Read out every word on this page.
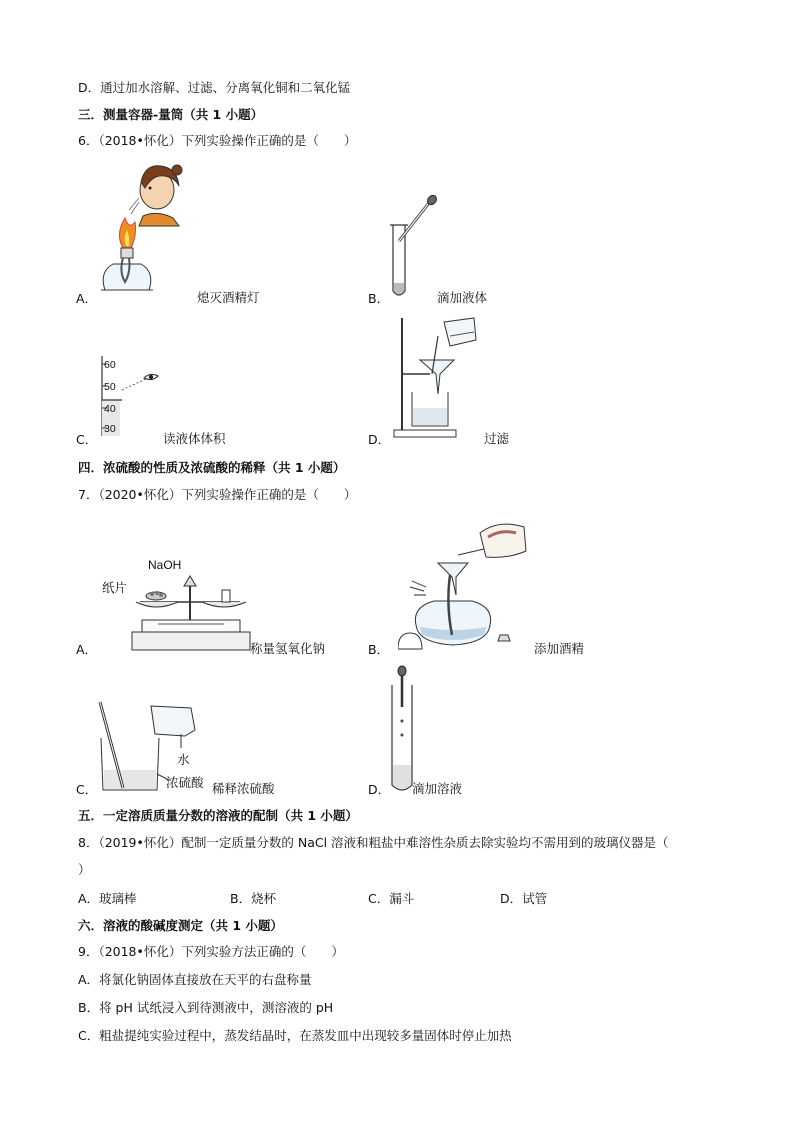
D．通过加水溶解、过滤、分离氧化铜和二氧化锰
三．测量容器-量筒（共 1 小题）
6．（2018•怀化）下列实验操作正确的是（　　）
A．	熄灭酒精灯	B．	滴加液体
60
50
40
30
C．	读液体体积	D．	过滤
四．浓硫酸的性质及浓硫酸的稀释（共 1 小题）
7．（2020•怀化）下列实验操作正确的是（　　）
NaOH
纸片
A．	称量氢氧化钠	B．	添加酒精
水
浓硫酸
C．	稀释浓硫酸	D． 滴加溶液
五．一定溶质质量分数的溶液的配制（共 1 小题）
8．（2019•怀化）配制一定质量分数的 NaCl 溶液和粗盐中难溶性杂质去除实验均不需用到的玻璃仪器是（
）
A．玻璃棒	B．烧杯	C．漏斗	D．试管
六．溶液的酸碱度测定（共 1 小题）
9．（2018•怀化）下列实验方法正确的（　　）
A．将氯化钠固体直接放在天平的右盘称量
B．将 pH 试纸浸入到待测液中，测溶液的 pH
C．粗盐提纯实验过程中，蒸发结晶时，在蒸发皿中出现较多量固体时停止加热
